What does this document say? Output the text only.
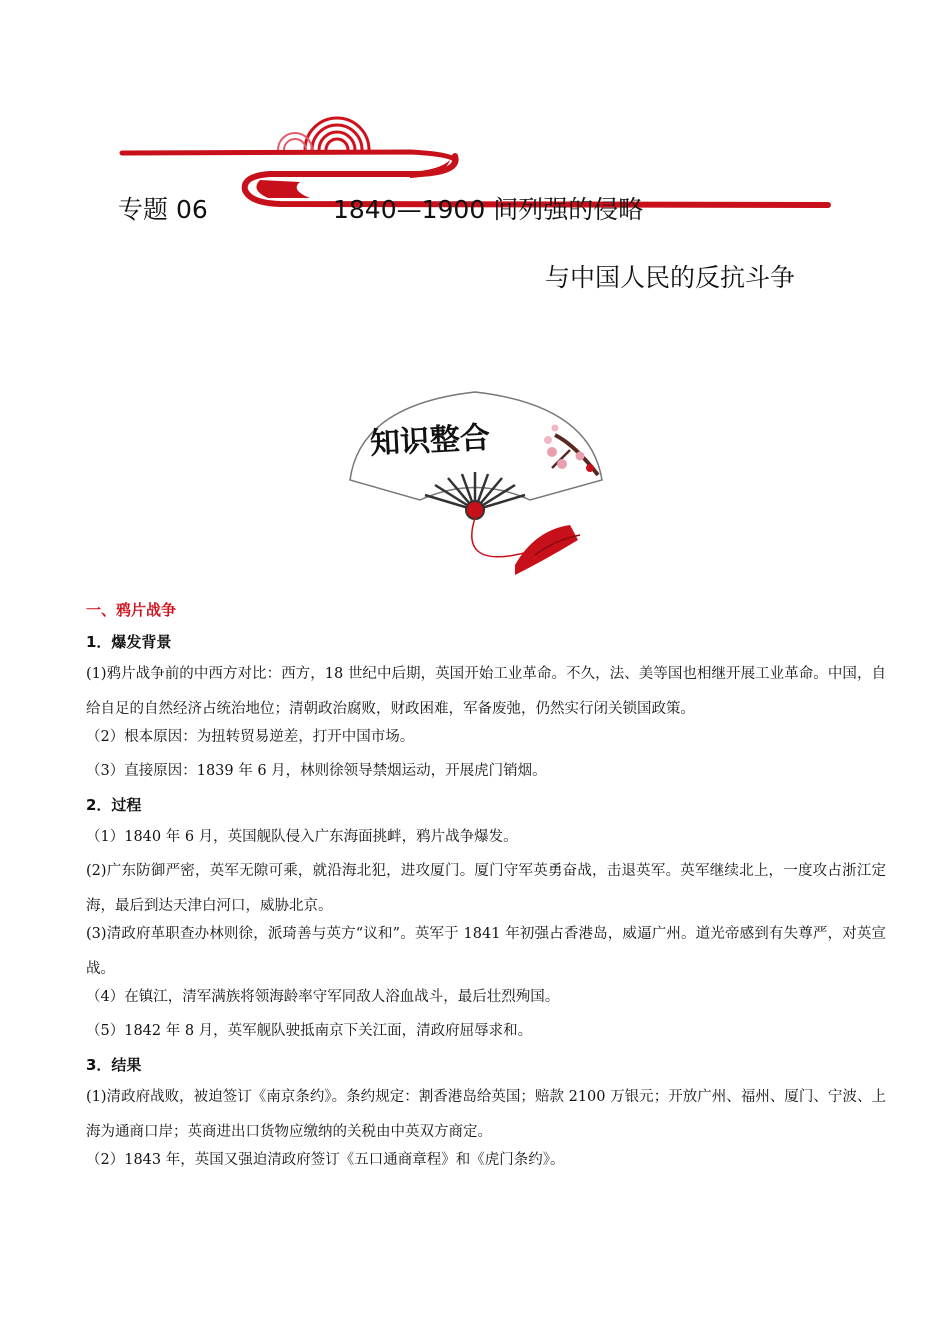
专题 06	1840—1900 间列强的侵略
与中国人民的反抗斗争
知识整合
一、鸦片战争
1．爆发背景

(1)鸦片战争前的中西方对比：西方，18 世纪中后期，英国开始工业革命。不久，法、美等国也相继开展工业革命。中国，自给自足的自然经济占统治地位；清朝政治腐败，财政困难，军备废弛，仍然实行闭关锁国政策。

（2）根本原因：为扭转贸易逆差，打开中国市场。

（3）直接原因：1839 年 6 月，林则徐领导禁烟运动，开展虎门销烟。

2．过程

（1）1840 年 6 月，英国舰队侵入广东海面挑衅，鸦片战争爆发。

(2)广东防御严密，英军无隙可乘，就沿海北犯，进攻厦门。厦门守军英勇奋战，击退英军。英军继续北上，一度攻占浙江定海，最后到达天津白河口，威胁北京。

(3)清政府革职查办林则徐，派琦善与英方“议和”。英军于 1841 年初强占香港岛，威逼广州。道光帝感到有失尊严，对英宣战。

（4）在镇江，清军满族将领海龄率守军同敌人浴血战斗，最后壮烈殉国。

（5）1842 年 8 月，英军舰队驶抵南京下关江面，清政府屈辱求和。

3．结果

(1)清政府战败，被迫签订《南京条约》。条约规定：割香港岛给英国；赔款 2100 万银元；开放广州、福州、厦门、宁波、上海为通商口岸；英商进出口货物应缴纳的关税由中英双方商定。

（2）1843 年，英国又强迫清政府签订《五口通商章程》和《虎门条约》。
